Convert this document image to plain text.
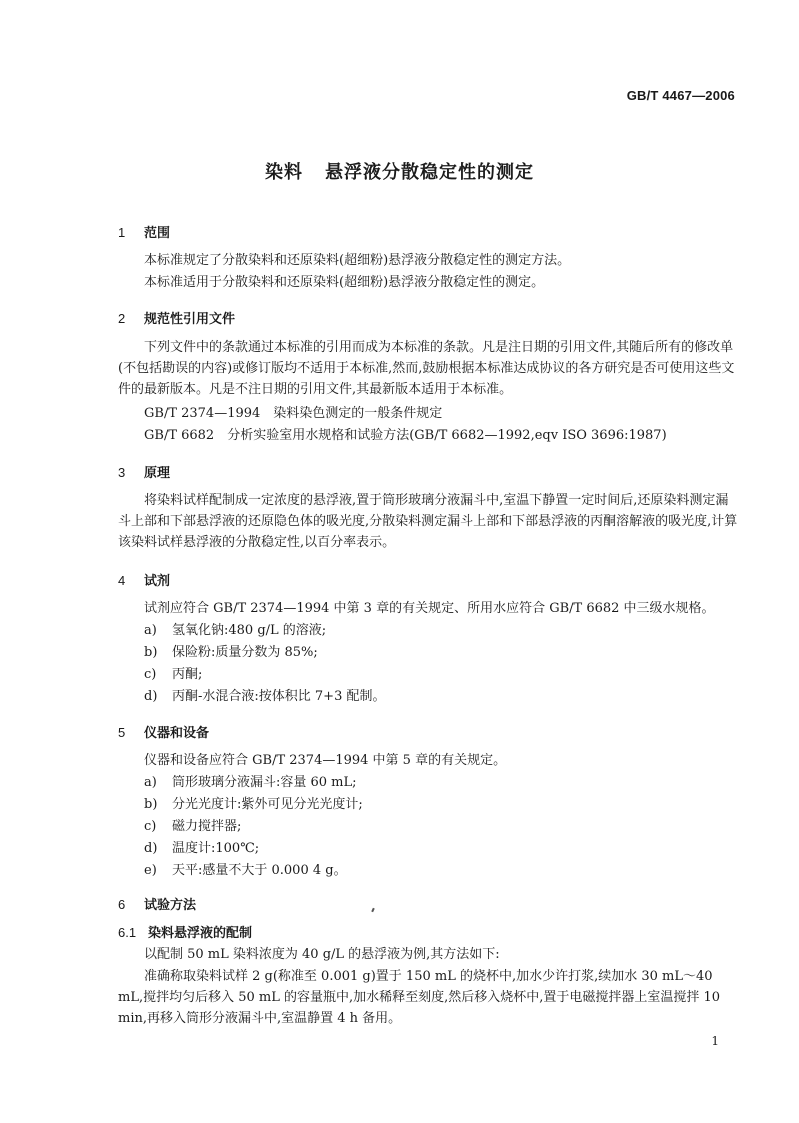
GB/T 4467—2006
染料 悬浮液分散稳定性的测定
1 范围

本标准规定了分散染料和还原染料(超细粉)悬浮液分散稳定性的测定方法。

本标准适用于分散染料和还原染料(超细粉)悬浮液分散稳定性的测定。

2 规范性引用文件

下列文件中的条款通过本标准的引用而成为本标准的条款。凡是注日期的引用文件,其随后所有的修改单(不包括勘误的内容)或修订版均不适用于本标准,然而,鼓励根据本标准达成协议的各方研究是否可使用这些文件的最新版本。凡是不注日期的引用文件,其最新版本适用于本标准。

GB/T 2374—1994　染料染色测定的一般条件规定
GB/T 6682　分析实验室用水规格和试验方法(GB/T 6682—1992,eqv ISO 3696:1987)
3 原理

将染料试样配制成一定浓度的悬浮液,置于筒形玻璃分液漏斗中,室温下静置一定时间后,还原染料测定漏斗上部和下部悬浮液的还原隐色体的吸光度,分散染料测定漏斗上部和下部悬浮液的丙酮溶解液的吸光度,计算该染料试样悬浮液的分散稳定性,以百分率表示。

4 试剂
试剂应符合 GB/T 2374—1994 中第 3 章的有关规定、所用水应符合 GB/T 6682 中三级水规格。
a) 氢氧化钠:480 g/L 的溶液;
b) 保险粉:质量分数为 85%;
c) 丙酮;
d) 丙酮-水混合液:按体积比 7+3 配制。
5 仪器和设备
仪器和设备应符合 GB/T 2374—1994 中第 5 章的有关规定。
a) 筒形玻璃分液漏斗:容量 60 mL;
b) 分光光度计:紫外可见分光光度计;
c) 磁力搅拌器;
d) 温度计:100℃;
e) 天平:感量不大于 0.000 4 g。
6 试验方法
6.1 染料悬浮液的配制

以配制 50 mL 染料浓度为 40 g/L 的悬浮液为例,其方法如下:

准确称取染料试样 2 g(称准至 0.001 g)置于 150 mL 的烧杯中,加水少许打浆,续加水 30 mL～40 mL,搅拌均匀后移入 50 mL 的容量瓶中,加水稀释至刻度,然后移入烧杯中,置于电磁搅拌器上室温搅拌 10 min,再移入筒形分液漏斗中,室温静置 4 h 备用。

1
